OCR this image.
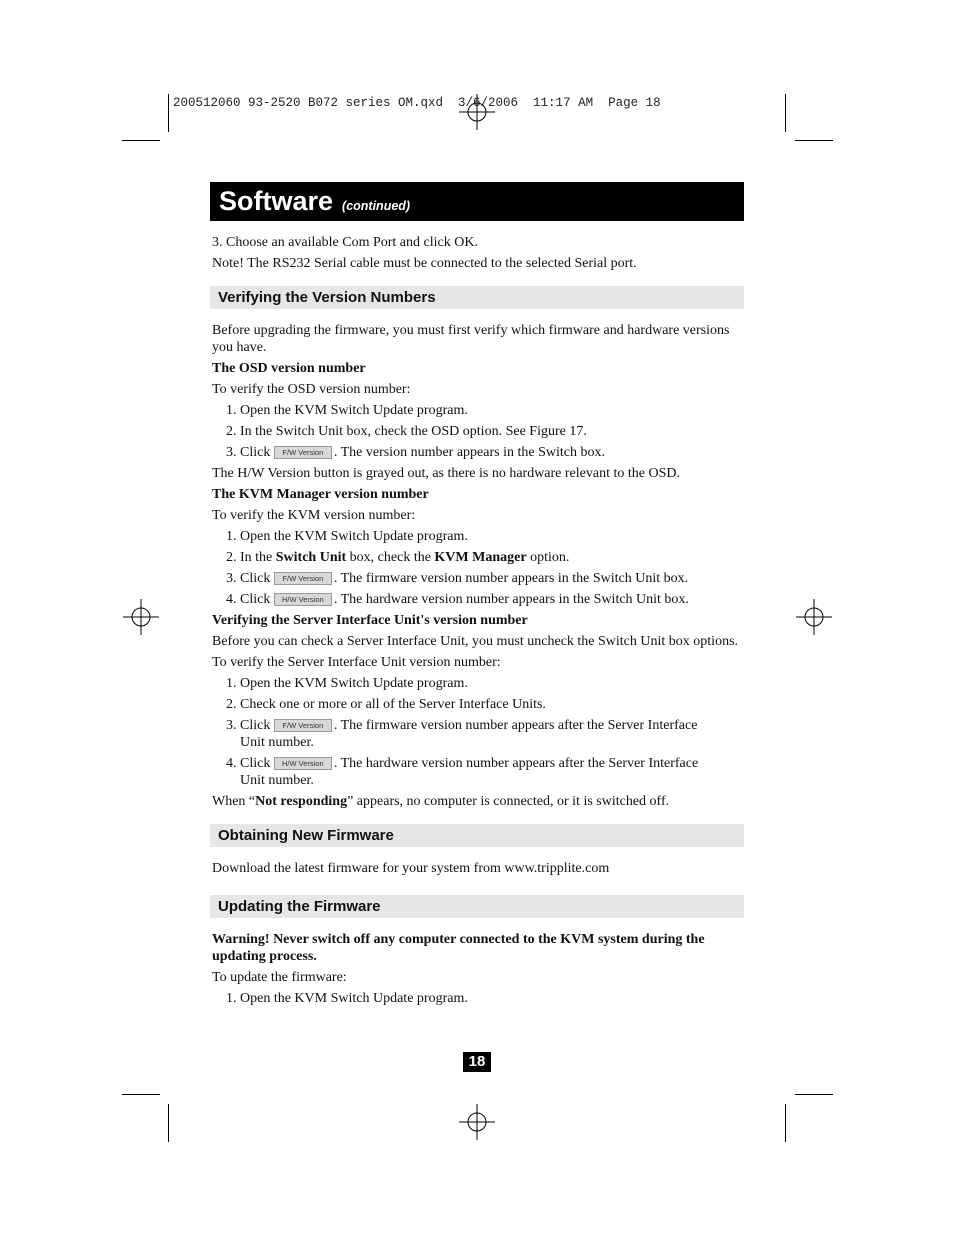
200512060 93-2520 B072 series OM.qxd  3/6/2006  11:17 AM  Page 18
Software (continued)

3. Choose an available Com Port and click OK.

Note! The RS232 Serial cable must be connected to the selected Serial port.

Verifying the Version Numbers

Before upgrading the firmware, you must first verify which firmware and hardware versions you have.

The OSD version number

To verify the OSD version number:

1. Open the KVM Switch Update program.
2. In the Switch Unit box, check the OSD option. See Figure 17.
3. Click F/W Version . The version number appears in the Switch box.

The H/W Version button is grayed out, as there is no hardware relevant to the OSD.

The KVM Manager version number

To verify the KVM version number:

1. Open the KVM Switch Update program.
2. In the Switch Unit box, check the KVM Manager option.
3. Click F/W Version . The firmware version number appears in the Switch Unit box.
4. Click H/W Version . The hardware version number appears in the Switch Unit box.

Verifying the Server Interface Unit's version number

Before you can check a Server Interface Unit, you must uncheck the Switch Unit box options.

To verify the Server Interface Unit version number:

1. Open the KVM Switch Update program.
2. Check one or more or all of the Server Interface Units.
3. Click F/W Version . The firmware version number appears after the Server Interface
Unit number.
4. Click H/W Version . The hardware version number appears after the Server Interface
Unit number.

When “Not responding” appears, no computer is connected, or it is switched off.

Obtaining New Firmware

Download the latest firmware for your system from www.tripplite.com

Updating the Firmware

Warning! Never switch off any computer connected to the KVM system during the updating process.

To update the firmware:

1. Open the KVM Switch Update program.
18
